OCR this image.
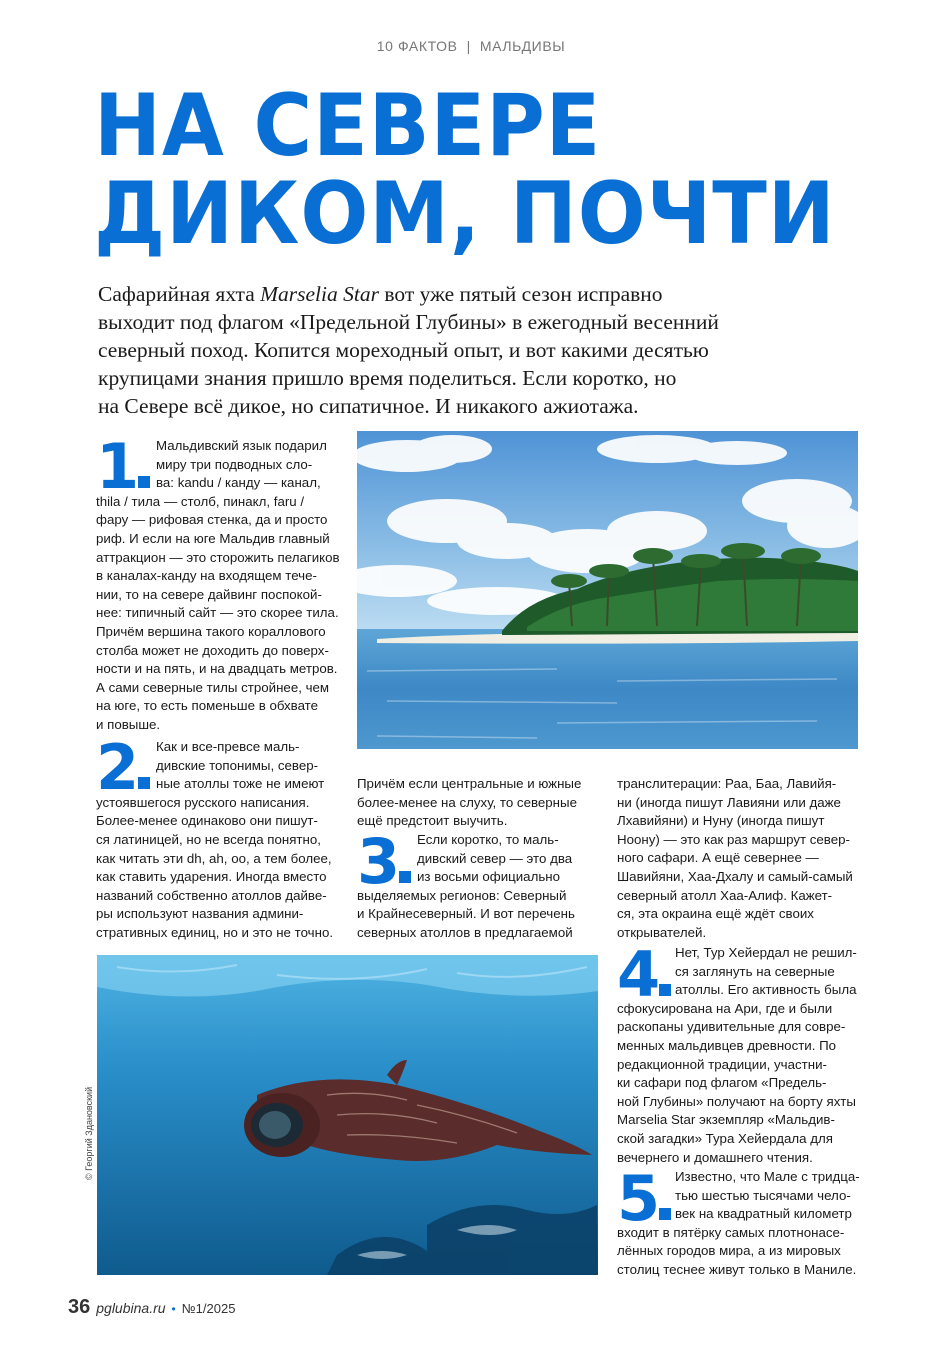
10 ФАКТОВ | МАЛЬДИВЫ
НА СЕВЕРЕ
ДИКОМ, ПОЧТИ
Сафарийная яхта Marselia Star вот уже пятый сезон исправно
выходит под флагом «Предельной Глубины» в ежегодный весенний
северный поход. Копится мореходный опыт, и вот какими десятью
крупицами знания пришло время поделиться. Если коротко, но
на Севере всё дикое, но сипатичное. И никакого ажиотажа.
1	Мальдивский язык подарил
миру три подводных сло-
ва: kandu / канду — канал,
thila / тила — столб, пинакл, faru /
фару — рифовая стенка, да и просто
риф. И если на юге Мальдив главный
аттракцион — это сторожить пелагиков
в каналах-канду на входящем тече-
нии, то на севере дайвинг поспокой-
нее: типичный сайт — это скорее тила.
Причём вершина такого кораллового
столба может не доходить до поверх-
ности и на пять, и на двадцать метров.
А сами северные тилы стройнее, чем
на юге, то есть поменьше в обхвате
и повыше.
2	Как и все-превсе маль-
дивские топонимы, север-
ные атоллы тоже не имеют
устоявшегося русского написания.
Более-менее одинаково они пишут-
ся латиницей, но не всегда понятно,
как читать эти dh, ah, oo, а тем более,
как ставить ударения. Иногда вместо
названий собственно атоллов дайве-
ры используют названия админи-
стративных единиц, но и это не точно.
Причём если центральные и южные
более-менее на слуху, то северные
ещё предстоит выучить.
3	Если коротко, то маль-
дивский север — это два
из восьми официально
выделяемых регионов: Северный
и Крайнесеверный. И вот перечень
северных атоллов в предлагаемой
транслитерации: Раа, Баа, Лавийя-
ни (иногда пишут Лавияни или даже
Лхавийяни) и Нуну (иногда пишут
Ноону) — это как раз маршрут север-
ного сафари. А ещё севернее —
Шавийяни, Хаа-Дхалу и самый-самый
северный атолл Хаа-Алиф. Кажет-
ся, эта окраина ещё ждёт своих
открывателей.
4	Нет, Тур Хейердал не решил-
ся заглянуть на северные
атоллы. Его активность была
сфокусирована на Ари, где и были
раскопаны удивительные для совре-
менных мальдивцев древности. По
редакционной традиции, участни-
ки сафари под флагом «Предель-
ной Глубины» получают на борту яхты
Marselia Star экземпляр «Мальдив-
ской загадки» Тура Хейердала для
вечернего и домашнего чтения.
5	Известно, что Мале с тридца-
тью шестью тысячами чело-
век на квадратный километр
входит в пятёрку самых плотнонасе-
лённых городов мира, а из мировых
столиц теснее живут только в Маниле.
© Георгий Здановский
36 pglubina.ru • №1/2025
